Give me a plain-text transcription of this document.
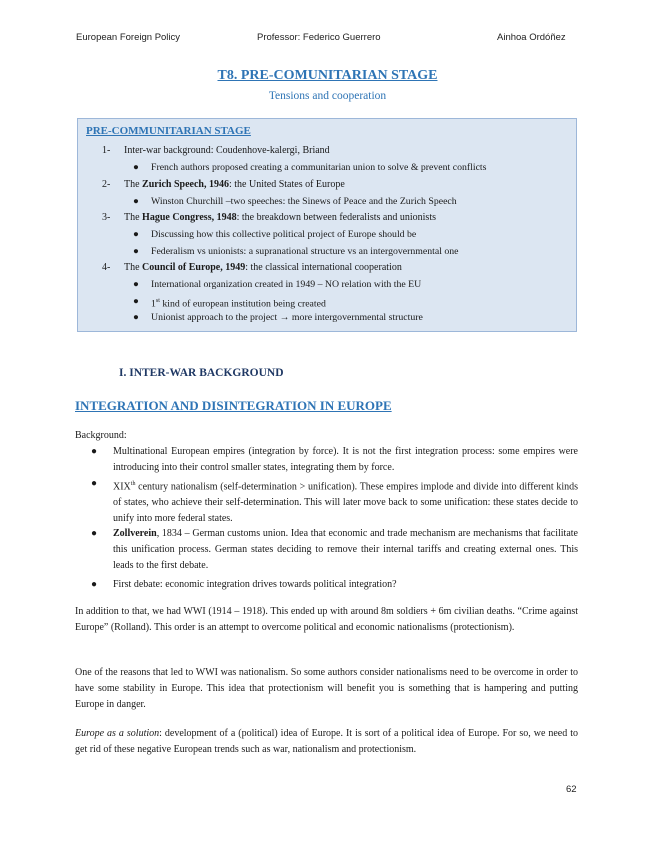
European Foreign Policy	Professor: Federico Guerrero	Ainhoa Ordóñez
T8. PRE-COMUNITARIAN STAGE
Tensions and cooperation
PRE-COMMUNITARIAN STAGE
1- Inter-war background: Coudenhove-kalergi, Briand
● French authors proposed creating a communitarian union to solve & prevent conflicts
2- The Zurich Speech, 1946: the United States of Europe
● Winston Churchill –two speeches: the Sinews of Peace and the Zurich Speech
3- The Hague Congress, 1948: the breakdown between federalists and unionists
● Discussing how this collective political project of Europe should be
● Federalism vs unionists: a supranational structure vs an intergovernmental one
4- The Council of Europe, 1949: the classical international cooperation
● International organization created in 1949 – NO relation with the EU
● 1st kind of european institution being created
● Unionist approach to the project → more intergovernmental structure
I. INTER-WAR BACKGROUND
INTEGRATION AND DISINTEGRATION IN EUROPE
Background:
● Multinational European empires (integration by force). It is not the first integration process: some empires were introducing into their control smaller states, integrating them by force.
● XIXth century nationalism (self-determination > unification). These empires implode and divide into different kinds of states, who achieve their self-determination. This will later move back to some unification: these states decide to unify into more federal states.
● Zollverein, 1834 – German customs union. Idea that economic and trade mechanism are mechanisms that facilitate this unification process. German states deciding to remove their internal tariffs and creating external ones. This leads to the first debate.
● First debate: economic integration drives towards political integration?
In addition to that, we had WWI (1914 – 1918). This ended up with around 8m soldiers + 6m civilian deaths. “Crime against Europe” (Rolland). This order is an attempt to overcome political and economic nationalisms (protectionism).
One of the reasons that led to WWI was nationalism. So some authors consider nationalisms need to be overcome in order to have some stability in Europe. This idea that protectionism will benefit you is something that is hampering and putting Europe in danger.
Europe as a solution: development of a (political) idea of Europe. It is sort of a political idea of Europe. For so, we need to get rid of these negative European trends such as war, nationalism and protectionism.
62
